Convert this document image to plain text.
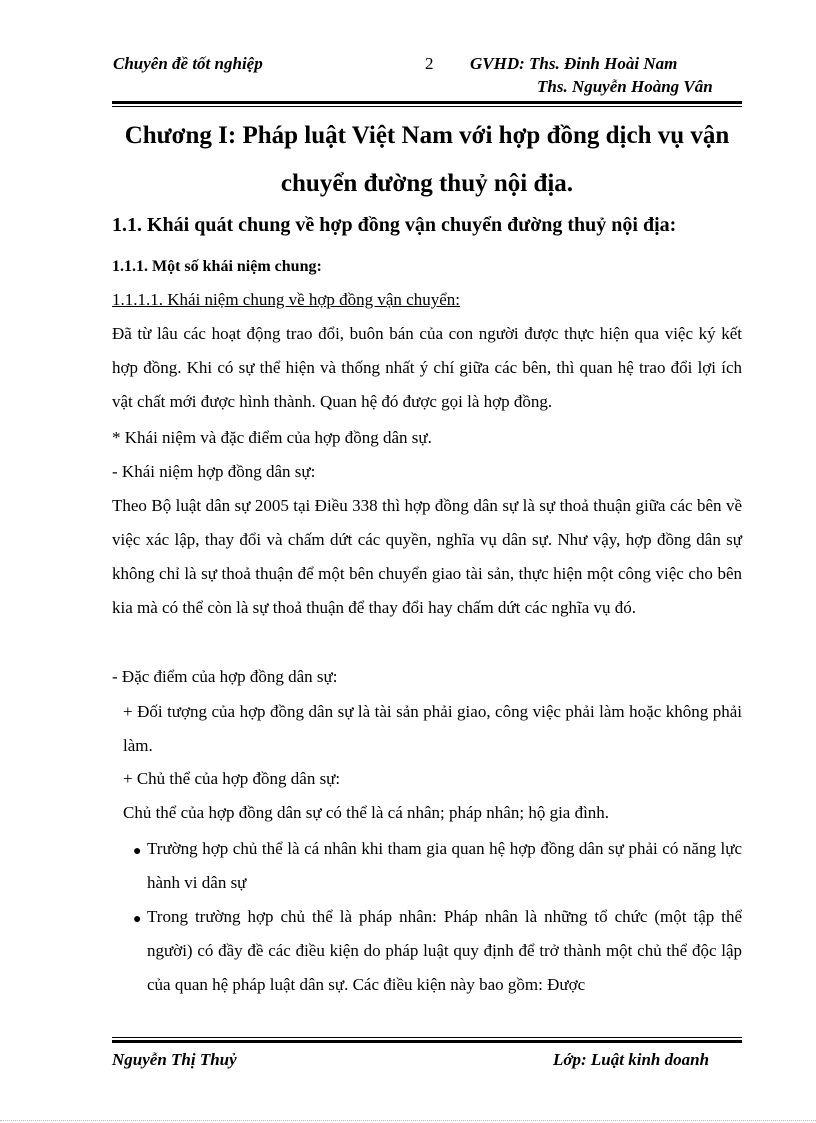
Chuyên đề tốt nghiệp	2 GVHD: Ths. Đinh Hoài Nam
Ths. Nguyễn Hoàng Vân
Chương I: Pháp luật Việt Nam với hợp đồng dịch vụ vận
chuyển đường thuỷ nội địa.
1.1. Khái quát chung về hợp đồng vận chuyển đường thuỷ nội địa:
1.1.1. Một số khái niệm chung:
1.1.1.1. Khái niệm chung về hợp đồng vận chuyển:

Đã từ lâu các hoạt động trao đổi, buôn bán của con người được thực hiện qua việc ký kết hợp đồng. Khi có sự thể hiện và thống nhất ý chí giữa các bên, thì quan hệ trao đổi lợi ích vật chất mới được hình thành. Quan hệ đó được gọi là hợp đồng.

* Khái niệm và đặc điểm của hợp đồng dân sự.
- Khái niệm hợp đồng dân sự:

Theo Bộ luật dân sự 2005 tại Điều 338 thì hợp đồng dân sự là sự thoả thuận giữa các bên về việc xác lập, thay đổi và chấm dứt các quyền, nghĩa vụ dân sự. Như vậy, hợp đồng dân sự không chỉ là sự thoả thuận để một bên chuyển giao tài sản, thực hiện một công việc cho bên kia mà có thể còn là sự thoả thuận để thay đổi hay chấm dứt các nghĩa vụ đó.

- Đặc điểm của hợp đồng dân sự:

+ Đối tượng của hợp đồng dân sự là tài sản phải giao, công việc phải làm hoặc không phải làm.

+ Chủ thể của hợp đồng dân sự:
Chủ thể của hợp đồng dân sự có thể là cá nhân; pháp nhân; hộ gia đình.
● Trường hợp chủ thể là cá nhân khi tham gia quan hệ hợp đồng dân sự phải có năng lực hành vi dân sự

● Trong trường hợp chủ thể là pháp nhân: Pháp nhân là những tổ chức (một tập thể người) có đầy đề các điều kiện do pháp luật quy định để trở thành một chủ thể độc lập của quan hệ pháp luật dân sự. Các điều kiện này bao gồm: Được

Nguyễn Thị Thuỷ	Lớp: Luật kinh doanh
